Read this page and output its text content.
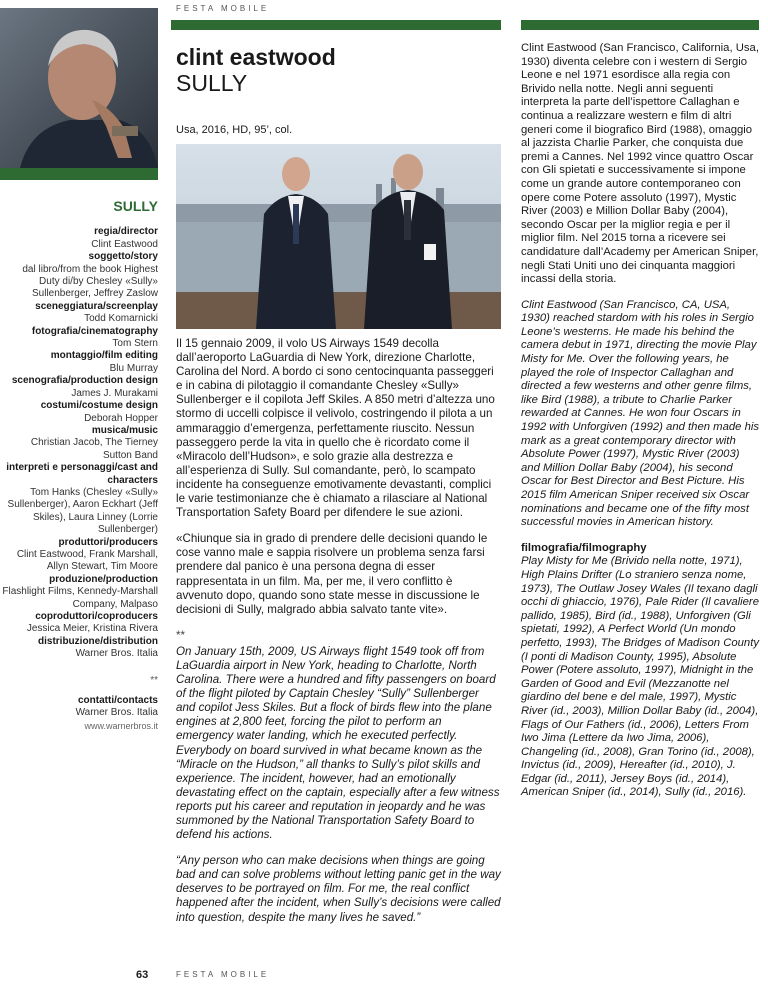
FESTA MOBILE
SULLY
regia/director
Clint Eastwood
soggetto/story
dal libro/from the book Highest Duty di/by Chesley «Sully» Sullenberger, Jeffrey Zaslow
sceneggiatura/screenplay
Todd Komarnicki
fotografia/cinematography
Tom Stern
montaggio/film editing
Blu Murray
scenografia/production design
James J. Murakami
costumi/costume design
Deborah Hopper
musica/music
Christian Jacob, The Tierney Sutton Band
interpreti e personaggi/cast and characters
Tom Hanks (Chesley «Sully» Sullenberger), Aaron Eckhart (Jeff Skiles), Laura Linney (Lorrie Sullenberger)
produttori/producers
Clint Eastwood, Frank Marshall, Allyn Stewart, Tim Moore
produzione/production
Flashlight Films, Kennedy-Marshall Company, Malpaso
coproduttori/coproducers
Jessica Meier, Kristina Rivera
distribuzione/distribution
Warner Bros. Italia
**
contatti/contacts
Warner Bros. Italia
www.warnerbros.it
clint eastwood
SULLY
Usa, 2016, HD, 95’, col.

Il 15 gennaio 2009, il volo US Airways 1549 decolla dall’aeroporto LaGuardia di New York, direzione Charlotte, Carolina del Nord. A bordo ci sono centocinquanta passeggeri e in cabina di pilotaggio il comandante Chesley «Sully» Sullenberger e il copilota Jeff Skiles. A 850 metri d’altezza uno stormo di uccelli colpisce il velivolo, costringendo il pilota a un ammaraggio d’emergenza, perfettamente riuscito. Nessun passeggero perde la vita in quello che è ricordato come il «Miracolo dell’Hudson», e solo grazie alla destrezza e all’esperienza di Sully. Sul comandante, però, lo scampato incidente ha conseguenze emotivamente devastanti, complici le varie testimonianze che è chiamato a rilasciare al National Transportation Safety Board per difendere le sue azioni.

«Chiunque sia in grado di prendere delle decisioni quando le cose vanno male e sappia risolvere un problema senza farsi prendere dal panico è una persona degna di esser rappresentata in un film. Ma, per me, il vero conflitto è avvenuto dopo, quando sono state messe in discussione le decisioni di Sully, malgrado abbia salvato tante vite».

**

On January 15th, 2009, US Airways flight 1549 took off from LaGuardia airport in New York, heading to Charlotte, North Carolina. There were a hundred and fifty passengers on board of the flight piloted by Captain Chesley “Sully” Sullenberger and copilot Jess Skiles. But a flock of birds flew into the plane engines at 2,800 feet, forcing the pilot to perform an emergency water landing, which he executed perfectly. Everybody on board survived in what became known as the “Miracle on the Hudson,” all thanks to Sully’s pilot skills and experience. The incident, however, had an emotionally devastating effect on the captain, especially after a few witness reports put his career and reputation in jeopardy and he was summoned by the National Transportation Safety Board to defend his actions.

“Any person who can make decisions when things are going bad and can solve problems without letting panic get in the way deserves to be portrayed on film. For me, the real conflict happened after the incident, when Sully’s decisions were called into question, despite the many lives he saved.”

Clint Eastwood (San Francisco, California, Usa, 1930) diventa celebre con i western di Sergio Leone e nel 1971 esordisce alla regia con Brivido nella notte. Negli anni seguenti interpreta la parte dell’ispettore Callaghan e continua a realizzare western e film di altri generi come il biografico Bird (1988), omaggio al jazzista Charlie Parker, che conquista due premi a Cannes. Nel 1992 vince quattro Oscar con Gli spietati e successivamente si impone come un grande autore contemporaneo con opere come Potere assoluto (1997), Mystic River (2003) e Million Dollar Baby (2004), secondo Oscar per la miglior regia e per il miglior film. Nel 2015 torna a ricevere sei candidature dall’Academy per American Sniper, negli Stati Uniti uno dei cinquanta maggiori incassi della storia.

Clint Eastwood (San Francisco, CA, USA, 1930) reached stardom with his roles in Sergio Leone’s westerns. He made his behind the camera debut in 1971, directing the movie Play Misty for Me. Over the following years, he played the role of Inspector Callaghan and directed a few westerns and other genre films, like Bird (1988), a tribute to Charlie Parker rewarded at Cannes. He won four Oscars in 1992 with Unforgiven (1992) and then made his mark as a great contemporary director with Absolute Power (1997), Mystic River (2003) and Million Dollar Baby (2004), his second Oscar for Best Director and Best Picture. His 2015 film American Sniper received six Oscar nominations and became one of the fifty most successful movies in American history.

filmografia/filmography

Play Misty for Me (Brivido nella notte, 1971), High Plains Drifter (Lo straniero senza nome, 1973), The Outlaw Josey Wales (Il texano dagli occhi di ghiaccio, 1976), Pale Rider (Il cavaliere pallido, 1985), Bird (id., 1988), Unforgiven (Gli spietati, 1992), A Perfect World (Un mondo perfetto, 1993), The Bridges of Madison County (I ponti di Madison County, 1995), Absolute Power (Potere assoluto, 1997), Midnight in the Garden of Good and Evil (Mezzanotte nel giardino del bene e del male, 1997), Mystic River (id., 2003), Million Dollar Baby (id., 2004), Flags of Our Fathers (id., 2006), Letters From Iwo Jima (Lettere da Iwo Jima, 2006), Changeling (id., 2008), Gran Torino (id., 2008), Invictus (id., 2009), Hereafter (id., 2010), J. Edgar (id., 2011), Jersey Boys (id., 2014), American Sniper (id., 2014), Sully (id., 2016).

63	FESTA MOBILE
